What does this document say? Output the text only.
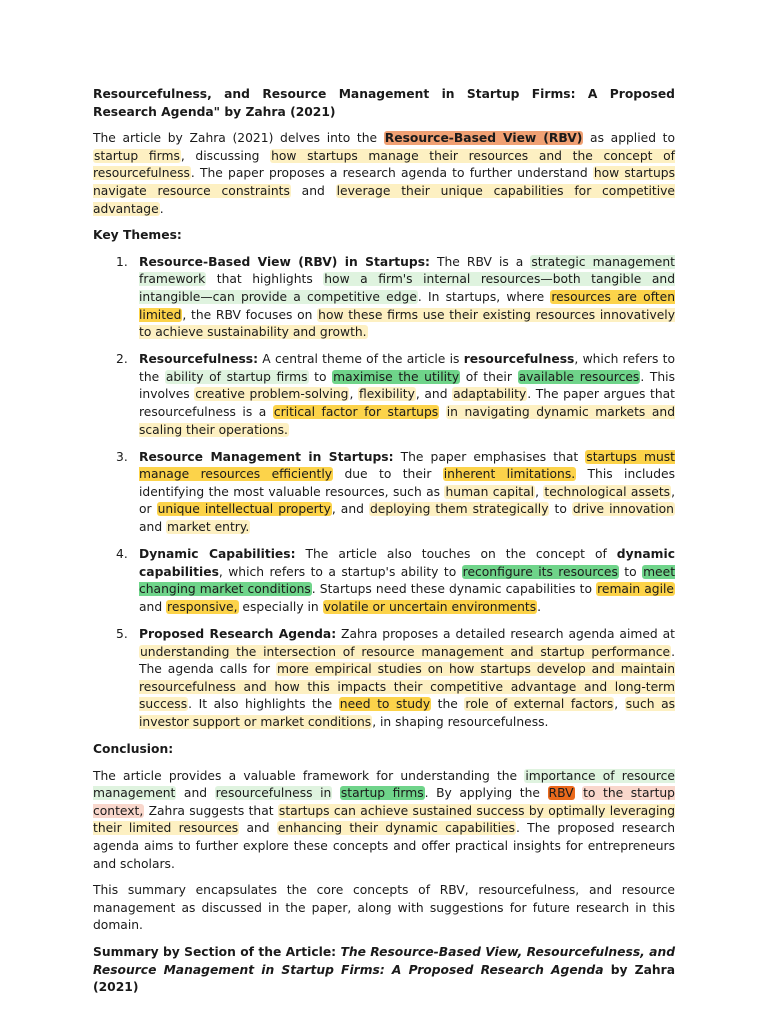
Resourcefulness, and Resource Management in Startup Firms: A Proposed Research Agenda" by Zahra (2021)

The article by Zahra (2021) delves into the Resource-Based View (RBV) as applied to startup firms, discussing how startups manage their resources and the concept of resourcefulness. The paper proposes a research agenda to further understand how startups navigate resource constraints and leverage their unique capabilities for competitive advantage.

Key Themes:

1. Resource-Based View (RBV) in Startups: The RBV is a strategic management framework that highlights how a firm's internal resources—both tangible and intangible—can provide a competitive edge. In startups, where resources are often limited, the RBV focuses on how these firms use their existing resources innovatively to achieve sustainability and growth.
2. Resourcefulness: A central theme of the article is resourcefulness, which refers to the ability of startup firms to maximise the utility of their available resources. This involves creative problem-solving, flexibility, and adaptability. The paper argues that resourcefulness is a critical factor for startups in navigating dynamic markets and scaling their operations.
3. Resource Management in Startups: The paper emphasises that startups must manage resources efficiently due to their inherent limitations. This includes identifying the most valuable resources, such as human capital, technological assets, or unique intellectual property, and deploying them strategically to drive innovation and market entry.
4. Dynamic Capabilities: The article also touches on the concept of dynamic capabilities, which refers to a startup's ability to reconfigure its resources to meet changing market conditions. Startups need these dynamic capabilities to remain agile and responsive, especially in volatile or uncertain environments.
5. Proposed Research Agenda: Zahra proposes a detailed research agenda aimed at understanding the intersection of resource management and startup performance. The agenda calls for more empirical studies on how startups develop and maintain resourcefulness and how this impacts their competitive advantage and long-term success. It also highlights the need to study the role of external factors, such as investor support or market conditions, in shaping resourcefulness.

Conclusion:

The article provides a valuable framework for understanding the importance of resource management and resourcefulness in startup firms. By applying the RBV to the startup context, Zahra suggests that startups can achieve sustained success by optimally leveraging their limited resources and enhancing their dynamic capabilities. The proposed research agenda aims to further explore these concepts and offer practical insights for entrepreneurs and scholars.

This summary encapsulates the core concepts of RBV, resourcefulness, and resource management as discussed in the paper, along with suggestions for future research in this domain.

Summary by Section of the Article: The Resource-Based View, Resourcefulness, and Resource Management in Startup Firms: A Proposed Research Agenda by Zahra (2021)
